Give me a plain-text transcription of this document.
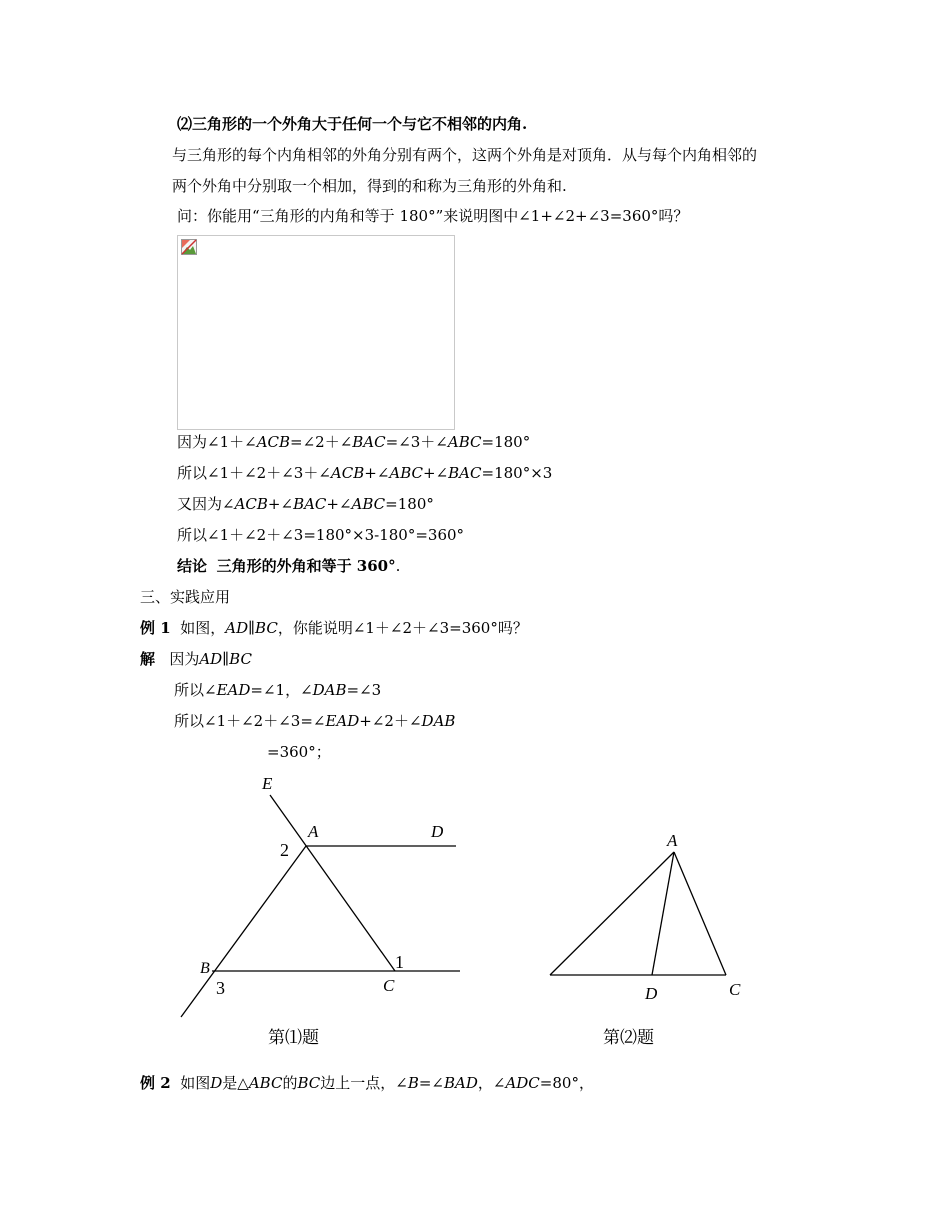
⑵三角形的一个外角大于任何一个与它不相邻的内角.
与三角形的每个内角相邻的外角分别有两个，这两个外角是对顶角．从与每个内角相邻的
两个外角中分别取一个相加，得到的和称为三角形的外角和.
问：你能用“三角形的内角和等于 180°”来说明图中∠1+∠2+∠3=360°吗？
因为∠1＋∠ACB=∠2＋∠BAC=∠3＋∠ABC=180°
所以∠1＋∠2＋∠3＋∠ACB+∠ABC+∠BAC=180°×3
又因为∠ACB+∠BAC+∠ABC=180°
所以∠1＋∠2＋∠3=180°×3-180°=360°
结论 三角形的外角和等于 360°.
三、实践应用
例 1 如图，AD∥BC，你能说明∠1＋∠2＋∠3=360°吗？
解 因为AD∥BC
所以∠EAD=∠1，∠DAB=∠3
所以∠1＋∠2＋∠3=∠EAD+∠2＋∠DAB
=360°；
E
A	D
B
C
1
2
3
第⑴题
A
D	C
第⑵题
例 2 如图D是△ABC的BC边上一点，∠B=∠BAD，∠ADC=80°，
